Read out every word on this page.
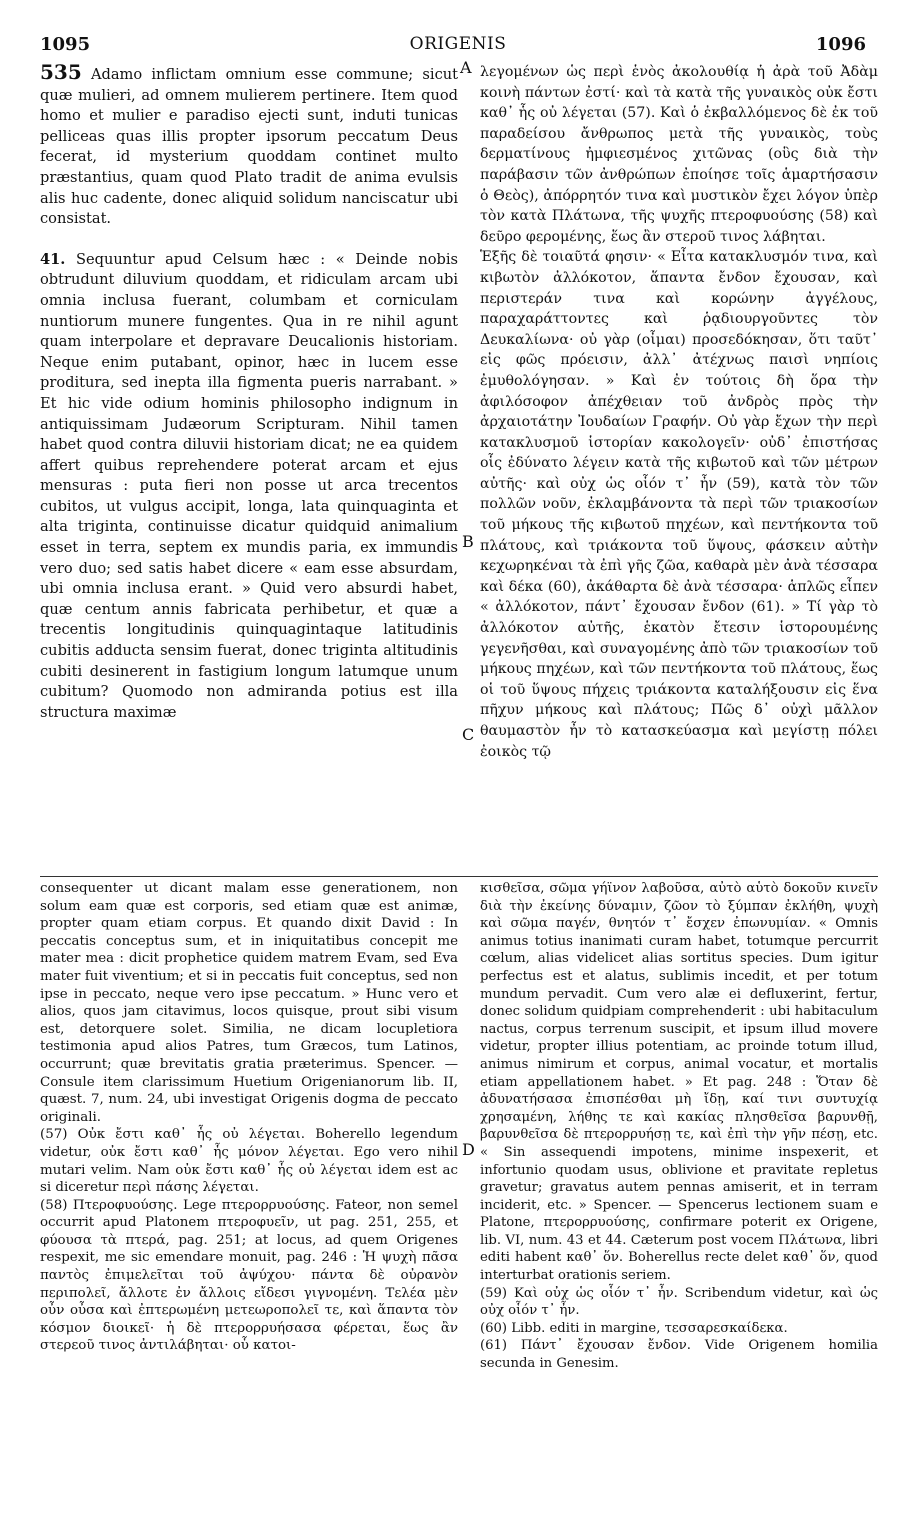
1095	ORIGENIS	1096
A
B
C
D

535 Adamo inflictam omnium esse commune; sicut quæ mulieri, ad omnem mulierem pertinere. Item quod homo et mulier e paradiso ejecti sunt, induti tunicas pelliceas quas illis propter ipsorum peccatum Deus fecerat, id mysterium quoddam continet multo præstantius, quam quod Plato tradit de anima evulsis alis huc cadente, donec aliquid solidum nanciscatur ubi consistat.

41. Sequuntur apud Celsum hæc : « Deinde nobis obtrudunt diluvium quoddam, et ridiculam arcam ubi omnia inclusa fuerant, columbam et corniculam nuntiorum munere fungentes. Qua in re nihil agunt quam interpolare et depravare Deucalionis historiam. Neque enim putabant, opinor, hæc in lucem esse proditura, sed inepta illa figmenta pueris narrabant. » Et hic vide odium hominis philosopho indignum in antiquissimam Judæorum Scripturam. Nihil tamen habet quod contra diluvii historiam dicat; ne ea quidem affert quibus reprehendere poterat arcam et ejus mensuras : puta fieri non posse ut arca trecentos cubitos, ut vulgus accipit, longa, lata quinquaginta et alta triginta, continuisse dicatur quidquid animalium esset in terra, septem ex mundis paria, ex immundis vero duo; sed satis habet dicere « eam esse absurdam, ubi omnia inclusa erant. » Quid vero absurdi habet, quæ centum annis fabricata perhibetur, et quæ a trecentis longitudinis quinquagintaque latitudinis cubitis adducta sensim fuerat, donec triginta altitudinis cubiti desinerent in fastigium longum latumque unum cubitum? Quomodo non admiranda potius est illa structura maximæ

λεγομένων ὡς περὶ ἑνὸς ἀκολουθίᾳ ἡ ἀρὰ τοῦ Ἀδὰμ κοινὴ πάντων ἐστί· καὶ τὰ κατὰ τῆς γυναικὸς οὐκ ἔστι καθ᾽ ἧς οὐ λέγεται (57). Καὶ ὁ ἐκβαλλόμενος δὲ ἐκ τοῦ παραδείσου ἄνθρωπος μετὰ τῆς γυναικὸς, τοὺς δερματίνους ἠμφιεσμένος χιτῶνας (οὓς διὰ τὴν παράβασιν τῶν ἀνθρώπων ἐποίησε τοῖς ἁμαρτήσασιν ὁ Θεὸς), ἀπόρρητόν τινα καὶ μυστικὸν ἔχει λόγον ὑπὲρ τὸν κατὰ Πλάτωνα, τῆς ψυχῆς πτεροφυούσης (58) καὶ δεῦρο φερομένης, ἕως ἂν στεροῦ τινος λάβηται.

Ἑξῆς δὲ τοιαῦτά φησιν· « Εἶτα κατακλυσμόν τινα, καὶ κιβωτὸν ἀλλόκοτον, ἅπαντα ἔνδον ἔχουσαν, καὶ περιστεράν τινα καὶ κορώνην ἀγγέλους, παραχαράττοντες καὶ ῥᾳδιουργοῦντες τὸν Δευκαλίωνα· οὐ γὰρ (οἶμαι) προσεδόκησαν, ὅτι ταῦτ᾽ εἰς φῶς πρόεισιν, ἀλλ᾽ ἀτέχνως παισὶ νηπίοις ἐμυθολόγησαν. » Καὶ ἐν τούτοις δὴ ὅρα τὴν ἀφιλόσοφον ἀπέχθειαν τοῦ ἀνδρὸς πρὸς τὴν ἀρχαιοτάτην Ἰουδαίων Γραφήν. Οὐ γὰρ ἔχων τὴν περὶ κατακλυσμοῦ ἱστορίαν κακολογεῖν· οὐδ᾽ ἐπιστήσας οἷς ἐδύνατο λέγειν κατὰ τῆς κιβωτοῦ καὶ τῶν μέτρων αὐτῆς· καὶ οὐχ ὡς οἷόν τ᾽ ἦν (59), κατὰ τὸν τῶν πολλῶν νοῦν, ἐκλαμβάνοντα τὰ περὶ τῶν τριακοσίων τοῦ μήκους τῆς κιβωτοῦ πηχέων, καὶ πεντήκοντα τοῦ πλάτους, καὶ τριάκοντα τοῦ ὕψους, φάσκειν αὐτὴν κεχωρηκέναι τὰ ἐπὶ γῆς ζῶα, καθαρὰ μὲν ἀνὰ τέσσαρα καὶ δέκα (60), ἀκάθαρτα δὲ ἀνὰ τέσσαρα· ἁπλῶς εἶπεν « ἀλλόκοτον, πάντ᾽ ἔχουσαν ἔνδον (61). » Τί γὰρ τὸ ἀλλόκοτον αὐτῆς, ἑκατὸν ἔτεσιν ἱστορουμένης γεγενῆσθαι, καὶ συναγομένης ἀπὸ τῶν τριακοσίων τοῦ μήκους πηχέων, καὶ τῶν πεντήκοντα τοῦ πλάτους, ἕως οἱ τοῦ ὕψους πήχεις τριάκοντα καταλήξουσιν εἰς ἕνα πῆχυν μήκους καὶ πλάτους; Πῶς δ᾽ οὐχὶ μᾶλλον θαυμαστὸν ἦν τὸ κατασκεύασμα καὶ μεγίστῃ πόλει ἐοικὸς τῷ

consequenter ut dicant malam esse generationem, non solum eam quæ est corporis, sed etiam quæ est animæ, propter quam etiam corpus. Et quando dixit David : In peccatis conceptus sum, et in iniquitatibus concepit me mater mea : dicit prophetice quidem matrem Evam, sed Eva mater fuit viventium; et si in peccatis fuit conceptus, sed non ipse in peccato, neque vero ipse peccatum. » Hunc vero et alios, quos jam citavimus, locos quisque, prout sibi visum est, detorquere solet. Similia, ne dicam locupletiora testimonia apud alios Patres, tum Græcos, tum Latinos, occurrunt; quæ brevitatis gratia præterimus. Spencer. — Consule item clarissimum Huetium Origenianorum lib. II, quæst. 7, num. 24, ubi investigat Origenis dogma de peccato originali.

(57) Οὐκ ἔστι καθ᾽ ἧς οὐ λέγεται. Boherello legendum videtur, οὐκ ἔστι καθ᾽ ἧς μόνον λέγεται. Ego vero nihil mutari velim. Nam οὐκ ἔστι καθ᾽ ἧς οὐ λέγεται idem est ac si diceretur περὶ πάσης λέγεται.

(58) Πτεροφυούσης. Lege πτερορρυούσης. Fateor, non semel occurrit apud Platonem πτεροφυεῖν, ut pag. 251, 255, et φύουσα τὰ πτερά, pag. 251; at locus, ad quem Origenes respexit, me sic emendare monuit, pag. 246 : Ἡ ψυχὴ πᾶσα παντὸς ἐπιμελεῖται τοῦ ἀψύχου· πάντα δὲ οὐρανὸν περιπολεῖ, ἄλλοτε ἐν ἄλλοις εἴδεσι γιγνομένη. Τελέα μὲν οὖν οὖσα καὶ ἐπτερωμένη μετεωροπολεῖ τε, καὶ ἅπαντα τὸν κόσμον διοικεῖ· ἡ δὲ πτερορρυήσασα φέρεται, ἕως ἂν στερεοῦ τινος ἀντιλάβηται· οὗ κατοι-

κισθεῖσα, σῶμα γήϊνον λαβοῦσα, αὐτὸ αὑτὸ δοκοῦν κινεῖν διὰ τὴν ἐκείνης δύναμιν, ζῶον τὸ ξύμπαν ἐκλήθη, ψυχὴ καὶ σῶμα παγέν, θνητόν τ᾽ ἔσχεν ἐπωνυμίαν. « Omnis animus totius inanimati curam habet, totumque percurrit cœlum, alias videlicet alias sortitus species. Dum igitur perfectus est et alatus, sublimis incedit, et per totum mundum pervadit. Cum vero alæ ei defluxerint, fertur, donec solidum quidpiam comprehenderit : ubi habitaculum nactus, corpus terrenum suscipit, et ipsum illud movere videtur, propter illius potentiam, ac proinde totum illud, animus nimirum et corpus, animal vocatur, et mortalis etiam appellationem habet. » Et pag. 248 : Ὅταν δὲ ἀδυνατήσασα ἐπισπέσθαι μὴ ἴδῃ, καί τινι συντυχίᾳ χρησαμένη, λήθης τε καὶ κακίας πλησθεῖσα βαρυνθῇ, βαρυνθεῖσα δὲ πτερορρυήσῃ τε, καὶ ἐπὶ τὴν γῆν πέσῃ, etc. « Sin assequendi impotens, minime inspexerit, et infortunio quodam usus, oblivione et pravitate repletus gravetur; gravatus autem pennas amiserit, et in terram inciderit, etc. » Spencer. — Spencerus lectionem suam e Platone, πτερορρυούσης, confirmare poterit ex Origene, lib. VI, num. 43 et 44. Cæterum post vocem Πλάτωνα, libri editi habent καθ᾽ ὅν. Boherellus recte delet καθ᾽ ὅν, quod interturbat orationis seriem.

(59) Καὶ οὐχ ὡς οἷόν τ᾽ ἦν. Scribendum videtur, καὶ ὡς οὐχ οἷόν τ᾽ ἦν.

(60) Libb. editi in margine, τεσσαρεσκαίδεκα.

(61) Πάντ᾽ ἔχουσαν ἔνδον. Vide Origenem homilia secunda in Genesim.
